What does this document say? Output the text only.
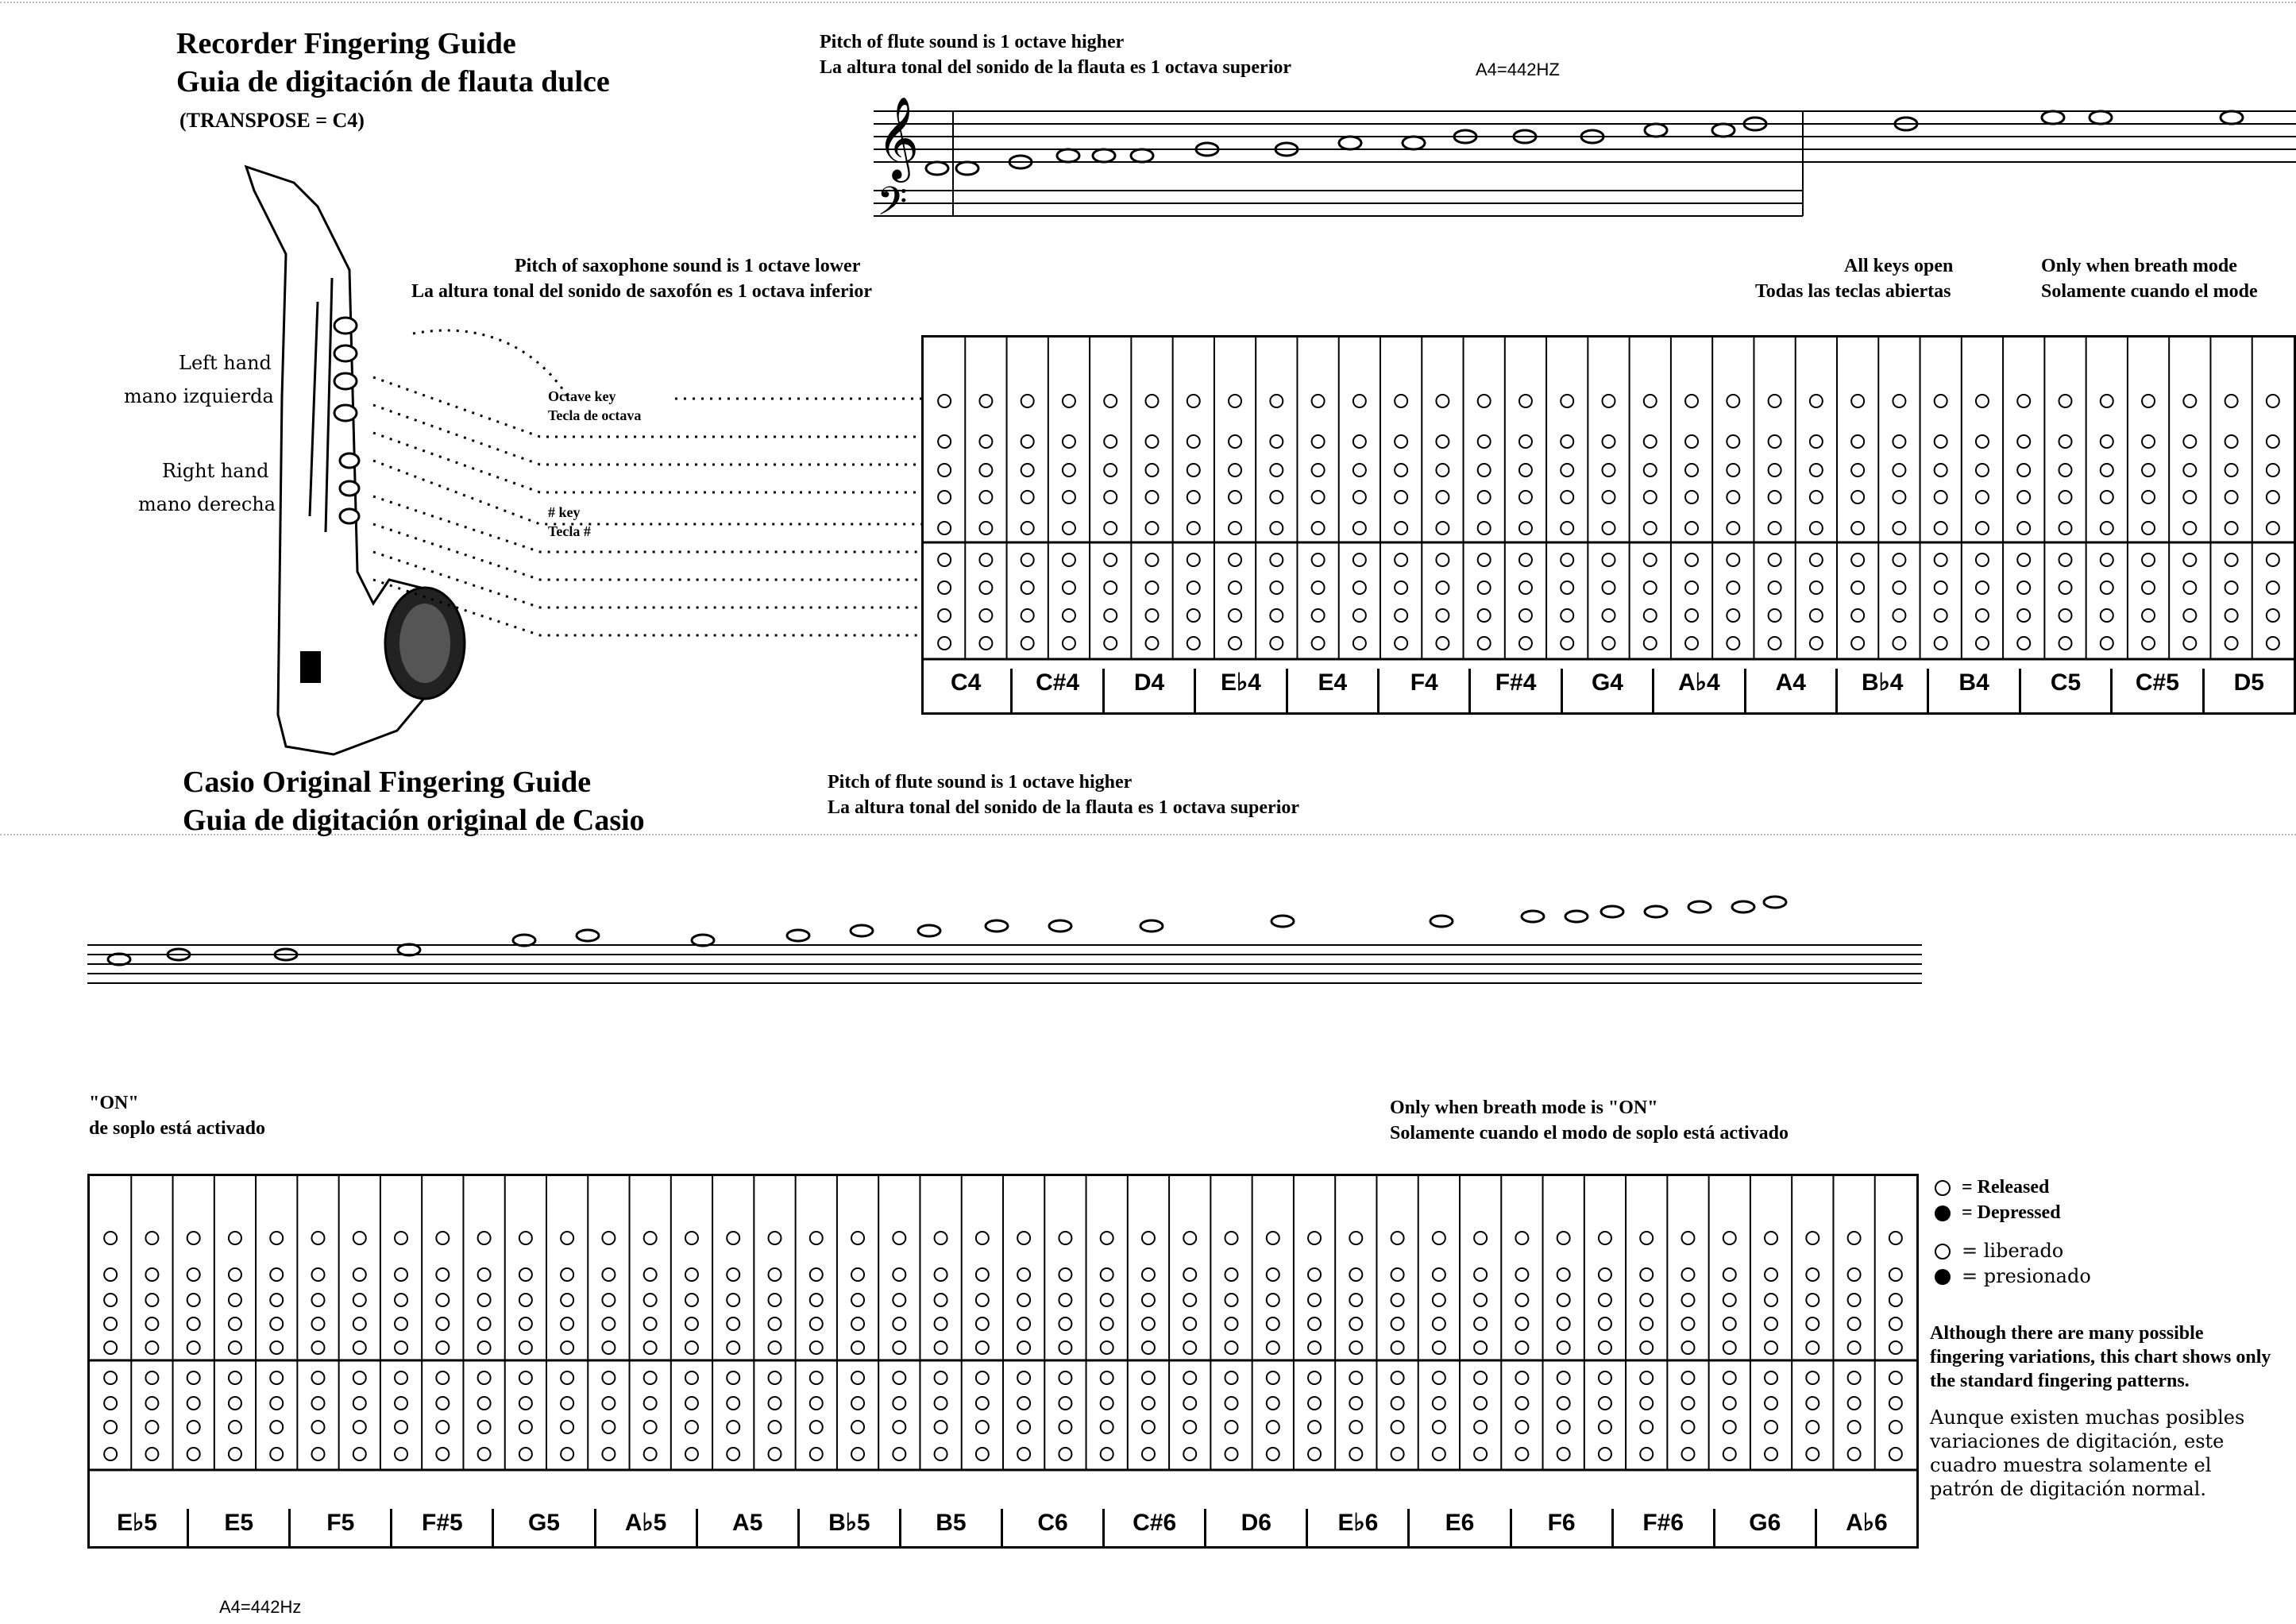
Recorder Fingering Guide
Guia de digitación de flauta dulce
(TRANSPOSE = C4)
Pitch of flute sound is 1 octave higher
La altura tonal del sonido de la flauta es 1 octava superior	A4=442HZ
𝄞
𝄢
Pitch of saxophone sound is 1 octave lower
La altura tonal del sonido de saxofón es 1 octava inferior
All keys open
Todas las teclas abiertas
Only when breath mode
Solamente cuando el mode
Left hand
mano izquierda
Right hand
mano derecha
Octave key
Tecla de octava
# key
Tecla #
C4	C#4	D4	E♭4	E4	F4	F#4	G4	A♭4	A4	B♭4	B4	C5	C#5	D5
Casio Original Fingering Guide
Guia de digitación original de Casio
Pitch of flute sound is 1 octave higher
La altura tonal del sonido de la flauta es 1 octava superior
"ON"
de soplo está activado
Only when breath mode is "ON"
Solamente cuando el modo de soplo está activado
E♭5	E5	F5	F#5	G5	A♭5	A5	B♭5	B5	C6	C#6	D6	E♭6	E6	F6	F#6	G6	A♭6
= Released
= Depressed
= liberado
= presionado
Although there are many possible fingering variations, this chart shows only the standard fingering patterns.
Aunque existen muchas posibles variaciones de digitación, este cuadro muestra solamente el patrón de digitación normal.
A4=442Hz
